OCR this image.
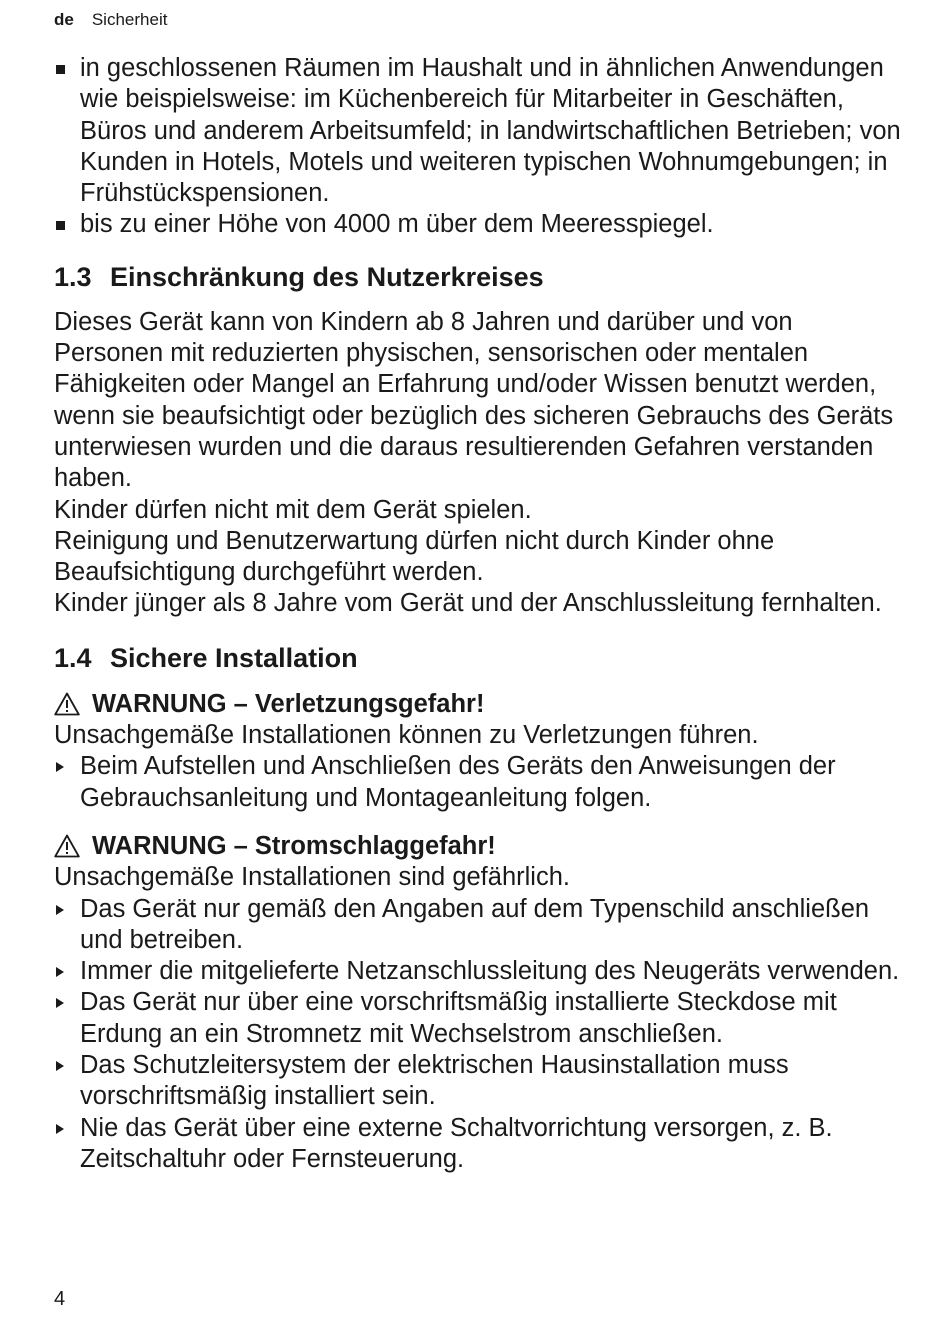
de Sicherheit
in geschlossenen Räumen im Haushalt und in ähnlichen Anwendungen wie beispielsweise: im Küchenbereich für Mitarbeiter in Geschäften, Büros und anderem Arbeitsumfeld; in landwirtschaftlichen Betrieben; von Kunden in Hotels, Motels und weiteren typischen Wohnumgebungen; in Frühstückspensionen.
bis zu einer Höhe von 4000 m über dem Meeresspiegel.
1.3 Einschränkung des Nutzerkreises

Dieses Gerät kann von Kindern ab 8 Jahren und darüber und von Personen mit reduzierten physischen, sensorischen oder mentalen Fähigkeiten oder Mangel an Erfahrung und/oder Wissen benutzt werden, wenn sie beaufsichtigt oder bezüglich des sicheren Gebrauchs des Geräts unterwiesen wurden und die daraus resultierenden Gefahren verstanden haben.

Kinder dürfen nicht mit dem Gerät spielen.

Reinigung und Benutzerwartung dürfen nicht durch Kinder ohne Beaufsichtigung durchgeführt werden.

Kinder jünger als 8 Jahre vom Gerät und der Anschlussleitung fernhalten.

1.4 Sichere Installation
WARNUNG – Verletzungsgefahr!

Unsachgemäße Installationen können zu Verletzungen führen.

Beim Aufstellen und Anschließen des Geräts den Anweisungen der Gebrauchsanleitung und Montageanleitung folgen.
WARNUNG – Stromschlaggefahr!

Unsachgemäße Installationen sind gefährlich.

Das Gerät nur gemäß den Angaben auf dem Typenschild anschließen und betreiben.
Immer die mitgelieferte Netzanschlussleitung des Neugeräts verwenden.
Das Gerät nur über eine vorschriftsmäßig installierte Steckdose mit Erdung an ein Stromnetz mit Wechselstrom anschließen.
Das Schutzleitersystem der elektrischen Hausinstallation muss vorschriftsmäßig installiert sein.
Nie das Gerät über eine externe Schaltvorrichtung versorgen, z. B. Zeitschaltuhr oder Fernsteuerung.
4
